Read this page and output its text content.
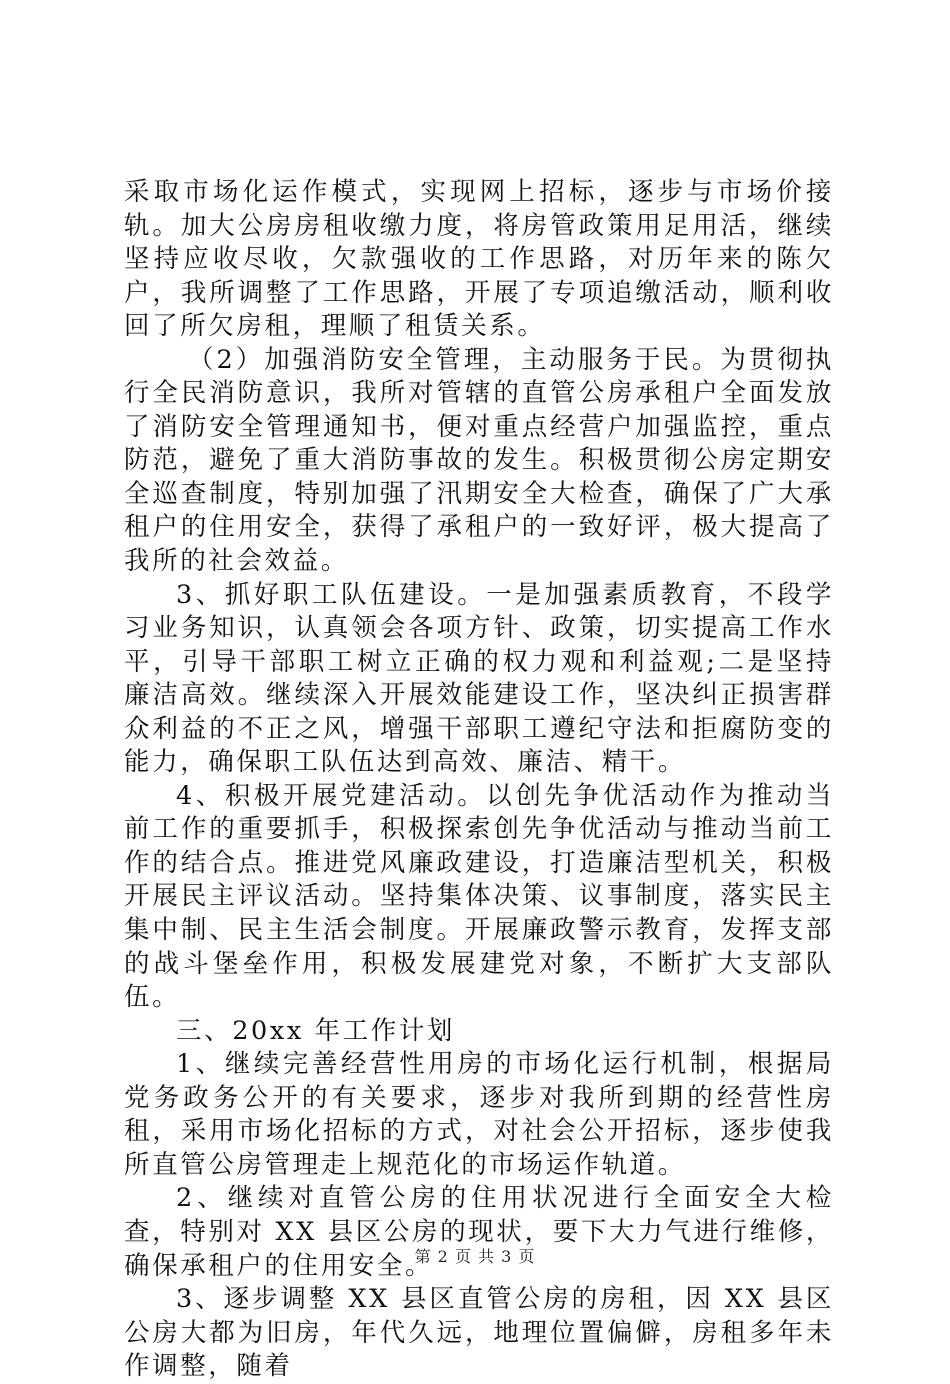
采取市场化运作模式，实现网上招标，逐步与市场价接轨。加大公房房租收缴力度，将房管政策用足用活，继续坚持应收尽收，欠款强收的工作思路，对历年来的陈欠户，我所调整了工作思路，开展了专项追缴活动，顺利收回了所欠房租，理顺了租赁关系。

（2）加强消防安全管理，主动服务于民。为贯彻执行全民消防意识，我所对管辖的直管公房承租户全面发放了消防安全管理通知书，便对重点经营户加强监控，重点防范，避免了重大消防事故的发生。积极贯彻公房定期安全巡查制度，特别加强了汛期安全大检查，确保了广大承租户的住用安全，获得了承租户的一致好评，极大提高了我所的社会效益。

3、抓好职工队伍建设。一是加强素质教育，不段学习业务知识，认真领会各项方针、政策，切实提高工作水平，引导干部职工树立正确的权力观和利益观;二是坚持廉洁高效。继续深入开展效能建设工作，坚决纠正损害群众利益的不正之风，增强干部职工遵纪守法和拒腐防变的能力，确保职工队伍达到高效、廉洁、精干。

4、积极开展党建活动。以创先争优活动作为推动当前工作的重要抓手，积极探索创先争优活动与推动当前工作的结合点。推进党风廉政建设，打造廉洁型机关，积极开展民主评议活动。坚持集体决策、议事制度，落实民主集中制、民主生活会制度。开展廉政警示教育，发挥支部的战斗堡垒作用，积极发展建党对象，不断扩大支部队伍。

三、20xx 年工作计划

1、继续完善经营性用房的市场化运行机制，根据局党务政务公开的有关要求，逐步对我所到期的经营性房租，采用市场化招标的方式，对社会公开招标，逐步使我所直管公房管理走上规范化的市场运作轨道。

2、继续对直管公房的住用状况进行全面安全大检查，特别对 XX 县区公房的现状，要下大力气进行维修，确保承租户的住用安全。

3、逐步调整 XX 县区直管公房的房租，因 XX 县区公房大都为旧房，年代久远，地理位置偏僻，房租多年未作调整，随着

第 2 页 共 3 页
